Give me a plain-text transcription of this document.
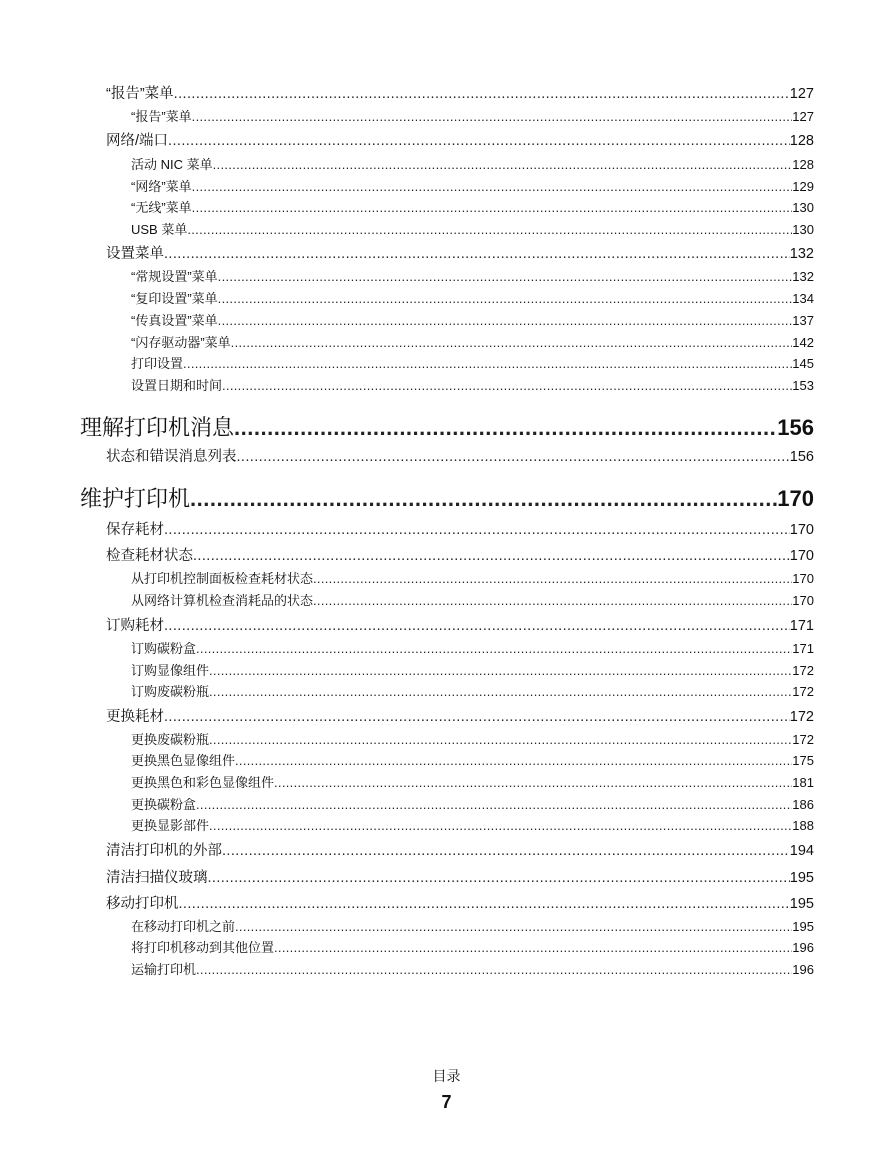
“报告”菜单 .....	127
“报告”菜单 .....	127
网络/端口 .....	128
活动 NIC 菜单 .....	128
“网络”菜单 .....	129
“无线”菜单 .....	130
USB 菜单 .....	130
设置菜单 .....	132
“常规设置”菜单 .....	132
“复印设置”菜单 .....	134
“传真设置”菜单 .....	137
“闪存驱动器”菜单 .....	142
打印设置 .....	145
设置日期和时间 .....	153
理解打印机消息 .....	156
状态和错误消息列表 .....	156
维护打印机 .....	170
保存耗材 .....	170
检查耗材状态 .....	170
从打印机控制面板检查耗材状态 .....	170
从网络计算机检查消耗品的状态 .....	170
订购耗材 .....	171
订购碳粉盒 .....	171
订购显像组件 .....	172
订购废碳粉瓶 .....	172
更换耗材 .....	172
更换废碳粉瓶 .....	172
更换黑色显像组件 .....	175
更换黑色和彩色显像组件 .....	181
更换碳粉盒 .....	186
更换显影部件 .....	188
清洁打印机的外部 .....	194
清洁扫描仪玻璃 .....	195
移动打印机 .....	195
在移动打印机之前 .....	195
将打印机移动到其他位置 .....	196
运输打印机 .....	196
目录
7
